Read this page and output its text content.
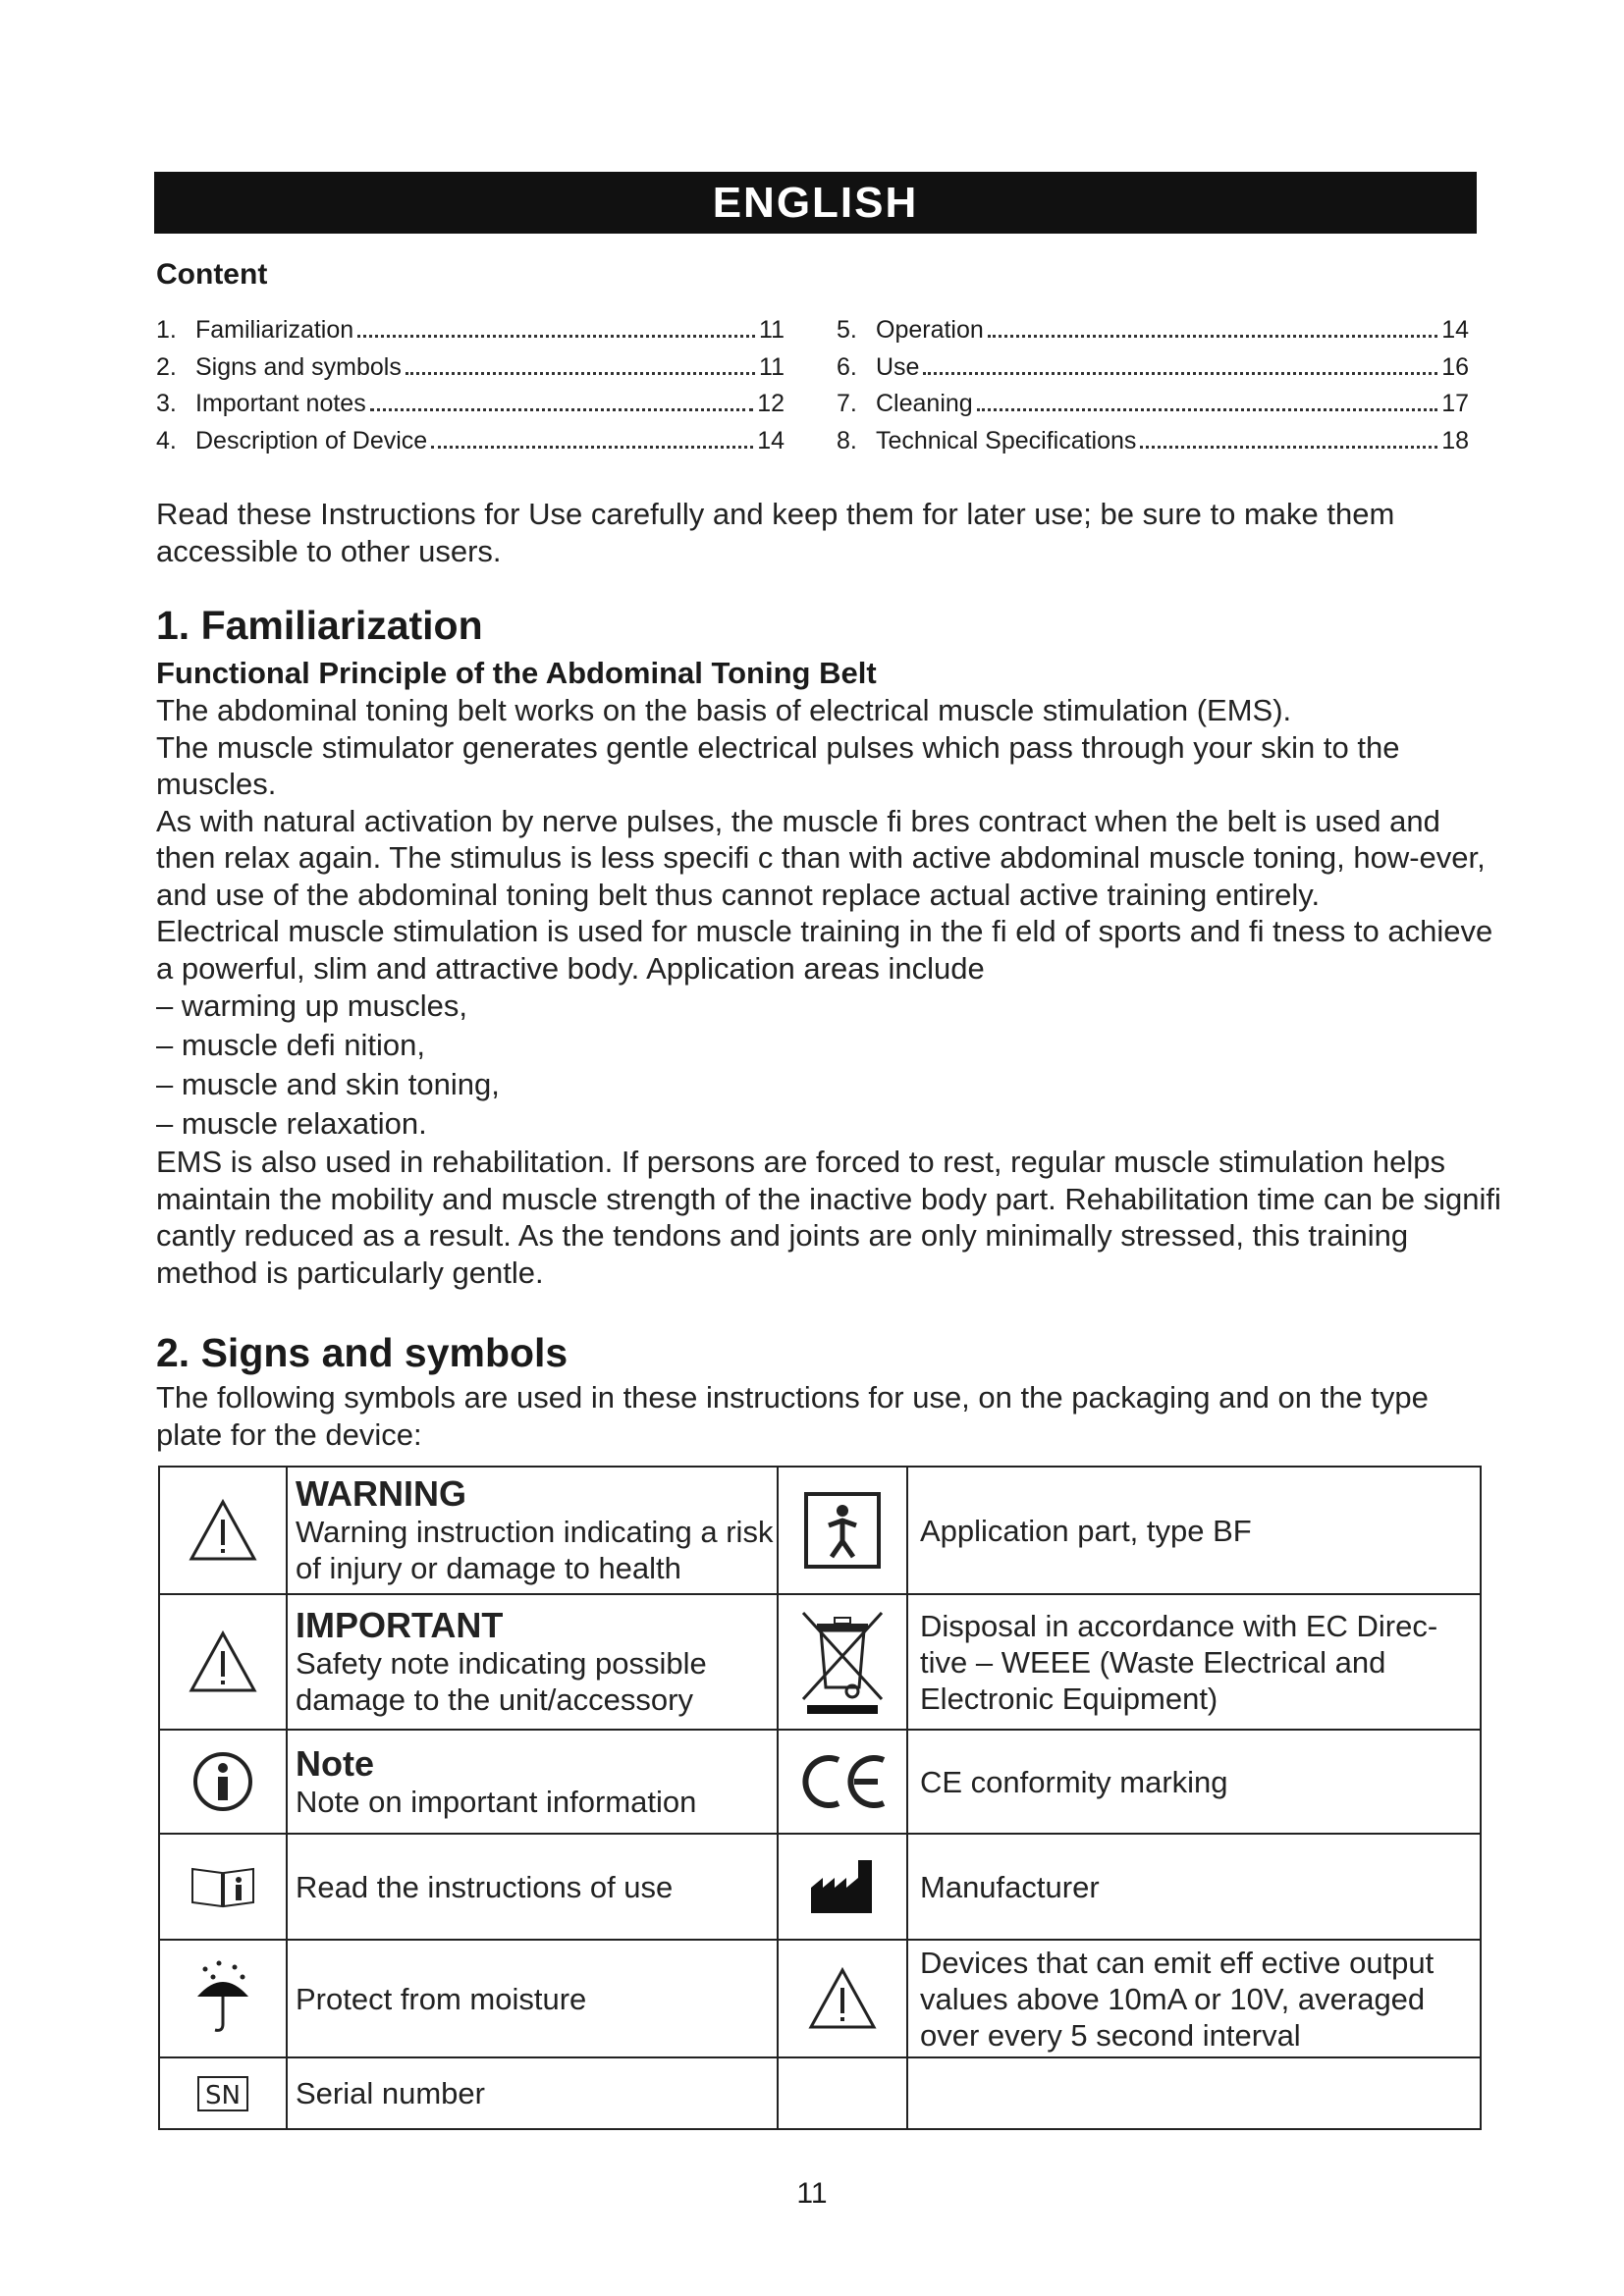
ENGLISH
Content
1. Familiarization	11
2. Signs and symbols	11
3. Important notes	12
4. Description of Device	14
5. Operation	14
6. Use	16
7. Cleaning	17
8. Technical Specifications	18
Read these Instructions for Use carefully and keep them for later use; be sure to make them accessible to other users.
1. Familiarization
Functional Principle of the Abdominal Toning Belt

The abdominal toning belt works on the basis of electrical muscle stimulation (EMS).

The muscle stimulator generates gentle electrical pulses which pass through your skin to the muscles.

As with natural activation by nerve pulses, the muscle fi bres contract when the belt is used and then relax again. The stimulus is less specifi c than with active abdominal muscle toning, how-ever, and use of the abdominal toning belt thus cannot replace actual active training entirely.

Electrical muscle stimulation is used for muscle training in the fi eld of sports and fi tness to achieve a powerful, slim and attractive body. Application areas include

– warming up muscles,
– muscle defi nition,
– muscle and skin toning,
– muscle relaxation.

EMS is also used in rehabilitation. If persons are forced to rest, regular muscle stimulation helps maintain the mobility and muscle strength of the inactive body part. Rehabilitation time can be signifi cantly reduced as a result. As the tendons and joints are only minimally stressed, this training method is particularly gentle.

2. Signs and symbols
The following symbols are used in these instructions for use, on the packaging and on the type plate for the device:

WARNING
Warning instruction indicating a risk of injury or damage to health		Application part, type BF

IMPORTANT
Safety note indicating possible damage to the unit/accessory		Disposal in accordance with EC Direc-tive – WEEE (Waste Electrical and Electronic Equipment)

Note
Note on important information		CE conformity marking

	Read the instructions of use		Manufacturer

	Protect from moisture		Devices that can emit eff ective output values above 10mA or 10V, averaged over every 5 second interval

SN	Serial number		
11
